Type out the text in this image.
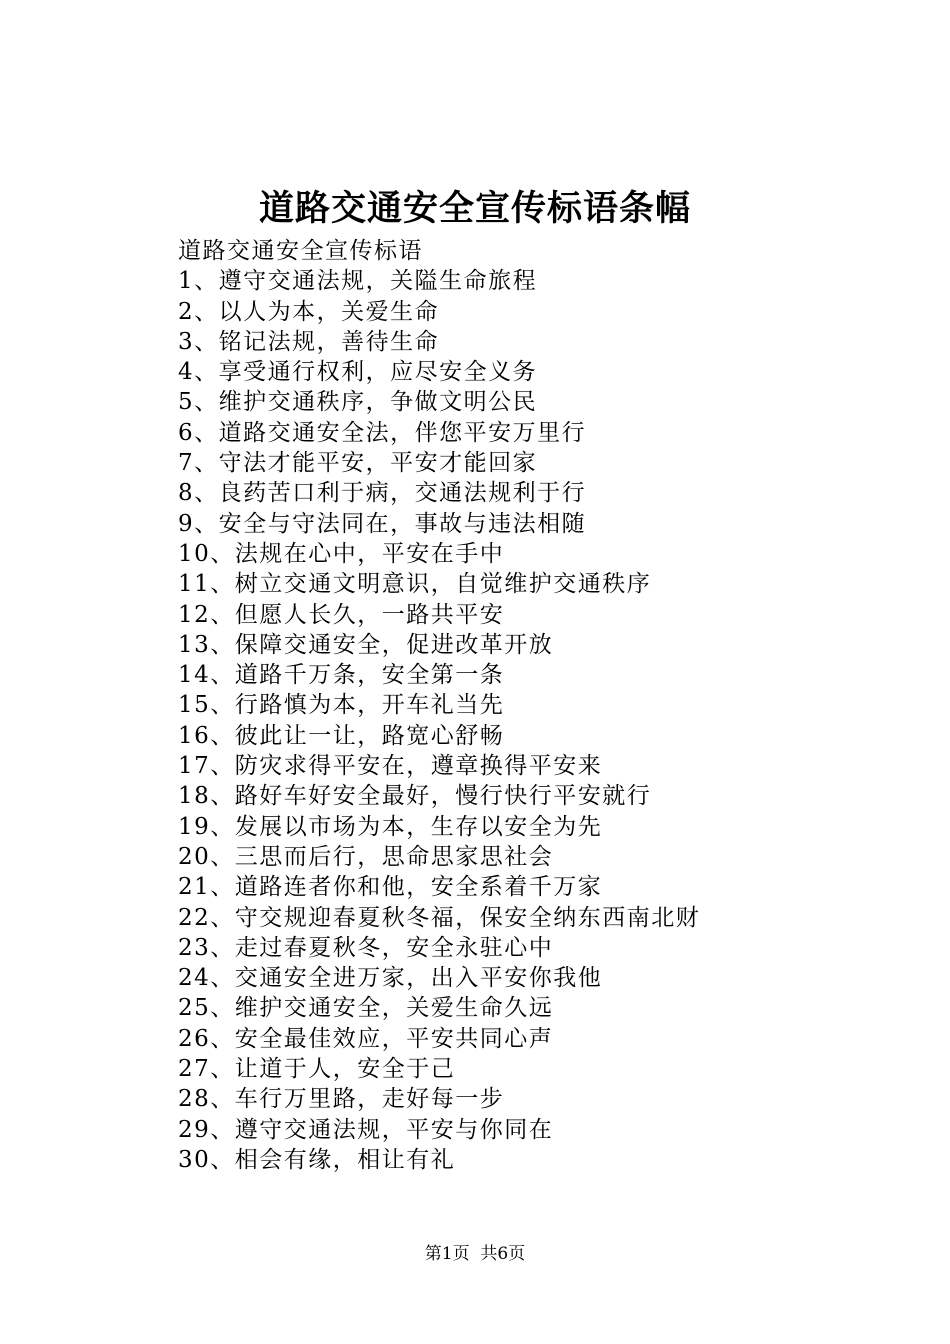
道路交通安全宣传标语条幅

道路交通安全宣传标语

1、遵守交通法规，关隘生命旅程
2、以人为本，关爱生命
3、铭记法规，善待生命
4、享受通行权利，应尽安全义务
5、维护交通秩序，争做文明公民
6、道路交通安全法，伴您平安万里行
7、守法才能平安，平安才能回家
8、良药苦口利于病，交通法规利于行
9、安全与守法同在，事故与违法相随
10、法规在心中，平安在手中
11、树立交通文明意识，自觉维护交通秩序
12、但愿人长久，一路共平安
13、保障交通安全，促进改革开放
14、道路千万条，安全第一条
15、行路慎为本，开车礼当先
16、彼此让一让，路宽心舒畅
17、防灾求得平安在，遵章换得平安来
18、路好车好安全最好，慢行快行平安就行
19、发展以市场为本，生存以安全为先
20、三思而后行，思命思家思社会
21、道路连者你和他，安全系着千万家
22、守交规迎春夏秋冬福，保安全纳东西南北财
23、走过春夏秋冬，安全永驻心中
24、交通安全进万家，出入平安你我他
25、维护交通安全，关爱生命久远
26、安全最佳效应，平安共同心声
27、让道于人，安全于己
28、车行万里路，走好每一步
29、遵守交通法规，平安与你同在
30、相会有缘，相让有礼
第1页  共6页
